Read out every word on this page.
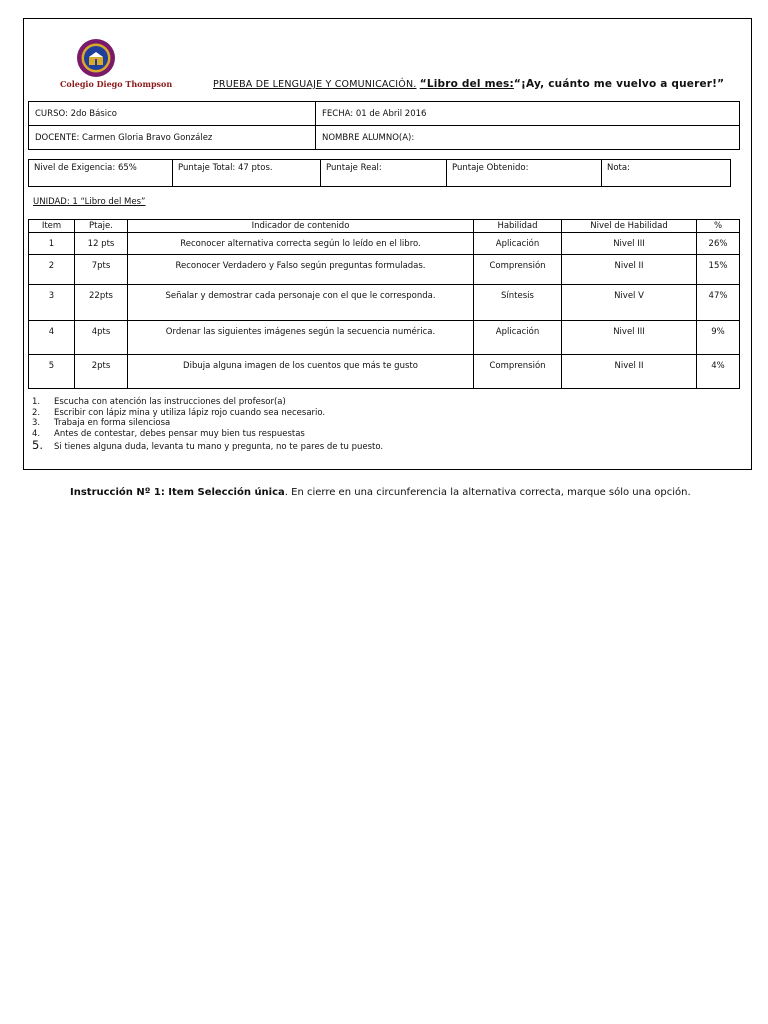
Colegio Diego Thompson	PRUEBA DE LENGUAJE Y COMUNICACIÓN. “Libro del mes:“¡Ay, cuánto me vuelvo a querer!”
CURSO: 2do Básico	FECHA: 01 de Abril 2016
DOCENTE: Carmen Gloria Bravo González	NOMBRE ALUMNO(A):
Nivel de Exigencia: 65%	Puntaje Total: 47 ptos.	Puntaje Real:	Puntaje Obtenido:	Nota:
UNIDAD: 1 “Libro del Mes”
Item	Ptaje.	Indicador de contenido	Habilidad	Nivel de Habilidad	%
1	12 pts	Reconocer alternativa correcta según lo leído en el libro.	Aplicación	Nivel III	26%
2	7pts	Reconocer Verdadero y Falso según preguntas formuladas.	Comprensión	Nivel II	15%
3	22pts	Señalar y demostrar cada personaje con el que le corresponda.	Síntesis	Nivel V	47%
4	4pts	Ordenar las siguientes imágenes según la secuencia numérica.	Aplicación	Nivel III	9%
5	2pts	Dibuja alguna imagen de los cuentos que más te gusto	Comprensión	Nivel II	4%
1. Escucha con atención las instrucciones del profesor(a)
2. Escribir con lápiz mina y utiliza lápiz rojo cuando sea necesario.
3. Trabaja en forma silenciosa
4. Antes de contestar, debes pensar muy bien tus respuestas
5. Si tienes alguna duda, levanta tu mano y pregunta, no te pares de tu puesto.
Instrucción Nº 1: Item Selección única. En cierre en una circunferencia la alternativa correcta, marque sólo una opción.
